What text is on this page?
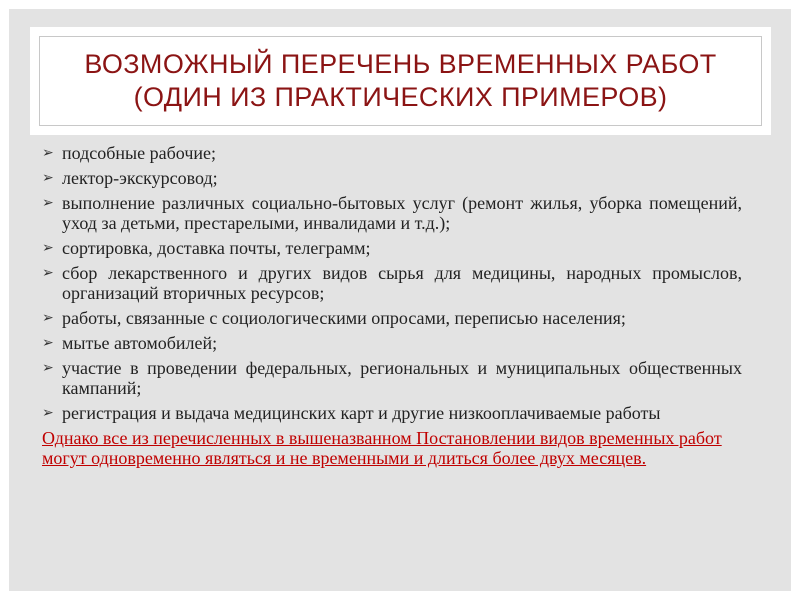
ВОЗМОЖНЫЙ ПЕРЕЧЕНЬ ВРЕМЕННЫХ РАБОТ
(ОДИН ИЗ ПРАКТИЧЕСКИХ ПРИМЕРОВ)
➢ подсобные рабочие;
➢ лектор-экскурсовод;
➢ выполнение различных социально-бытовых услуг (ремонт жилья, уборка помещений, уход за детьми, престарелыми, инвалидами и т.д.);
➢ сортировка, доставка почты, телеграмм;
➢ сбор лекарственного и других видов сырья для медицины, народных промыслов, организаций вторичных ресурсов;
➢ работы, связанные с социологическими опросами, переписью населения;
➢ мытье автомобилей;
➢ участие в проведении федеральных, региональных и муниципальных общественных кампаний;
➢ регистрация и выдача медицинских карт и другие низкооплачиваемые работы
Однако все из перечисленных в вышеназванном Постановлении видов временных работ могут одновременно являться и не временными и длиться более двух месяцев.
